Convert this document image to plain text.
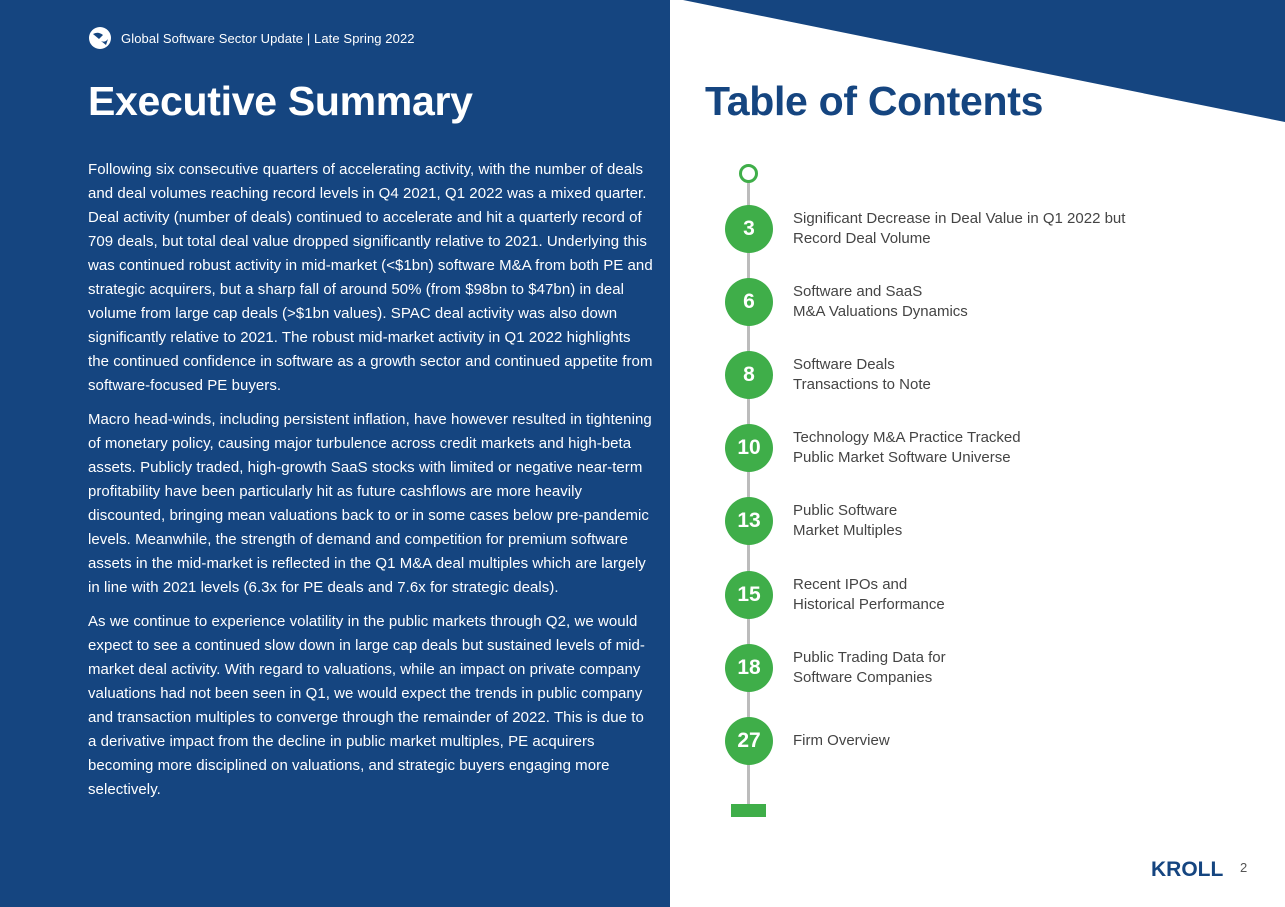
Global Software Sector Update | Late Spring 2022
Executive Summary

Following six consecutive quarters of accelerating activity, with the number of deals and deal volumes reaching record levels in Q4 2021, Q1 2022 was a mixed quarter. Deal activity (number of deals) continued to accelerate and hit a quarterly record of 709 deals, but total deal value dropped significantly relative to 2021. Underlying this was continued robust activity in mid-market (<$1bn) software M&A from both PE and strategic acquirers, but a sharp fall of around 50% (from $98bn to $47bn) in deal volume from large cap deals (>$1bn values). SPAC deal activity was also down significantly relative to 2021. The robust mid-market activity in Q1 2022 highlights the continued confidence in software as a growth sector and continued appetite from software-focused PE buyers.

Macro head-winds, including persistent inflation, have however resulted in tightening of monetary policy, causing major turbulence across credit markets and high-beta assets. Publicly traded, high-growth SaaS stocks with limited or negative near-term profitability have been particularly hit as future cashflows are more heavily discounted, bringing mean valuations back to or in some cases below pre-pandemic levels. Meanwhile, the strength of demand and competition for premium software assets in the mid-market is reflected in the Q1 M&A deal multiples which are largely in line with 2021 levels (6.3x for PE deals and 7.6x for strategic deals).

As we continue to experience volatility in the public markets through Q2, we would expect to see a continued slow down in large cap deals but sustained levels of mid-market deal activity. With regard to valuations, while an impact on private company valuations had not been seen in Q1, we would expect the trends in public company and transaction multiples to converge through the remainder of 2022. This is due to a derivative impact from the decline in public market multiples, PE acquirers becoming more disciplined on valuations, and strategic buyers engaging more selectively.

Table of Contents
3	Significant Decrease in Deal Value in Q1 2022 but
Record Deal Volume
6	Software and SaaS
M&A Valuations Dynamics
8	Software Deals
Transactions to Note
10	Technology M&A Practice Tracked
Public Market Software Universe
13	Public Software
Market Multiples
15	Recent IPOs and
Historical Performance
18	Public Trading Data for
Software Companies
27	Firm Overview
KROLL 2
